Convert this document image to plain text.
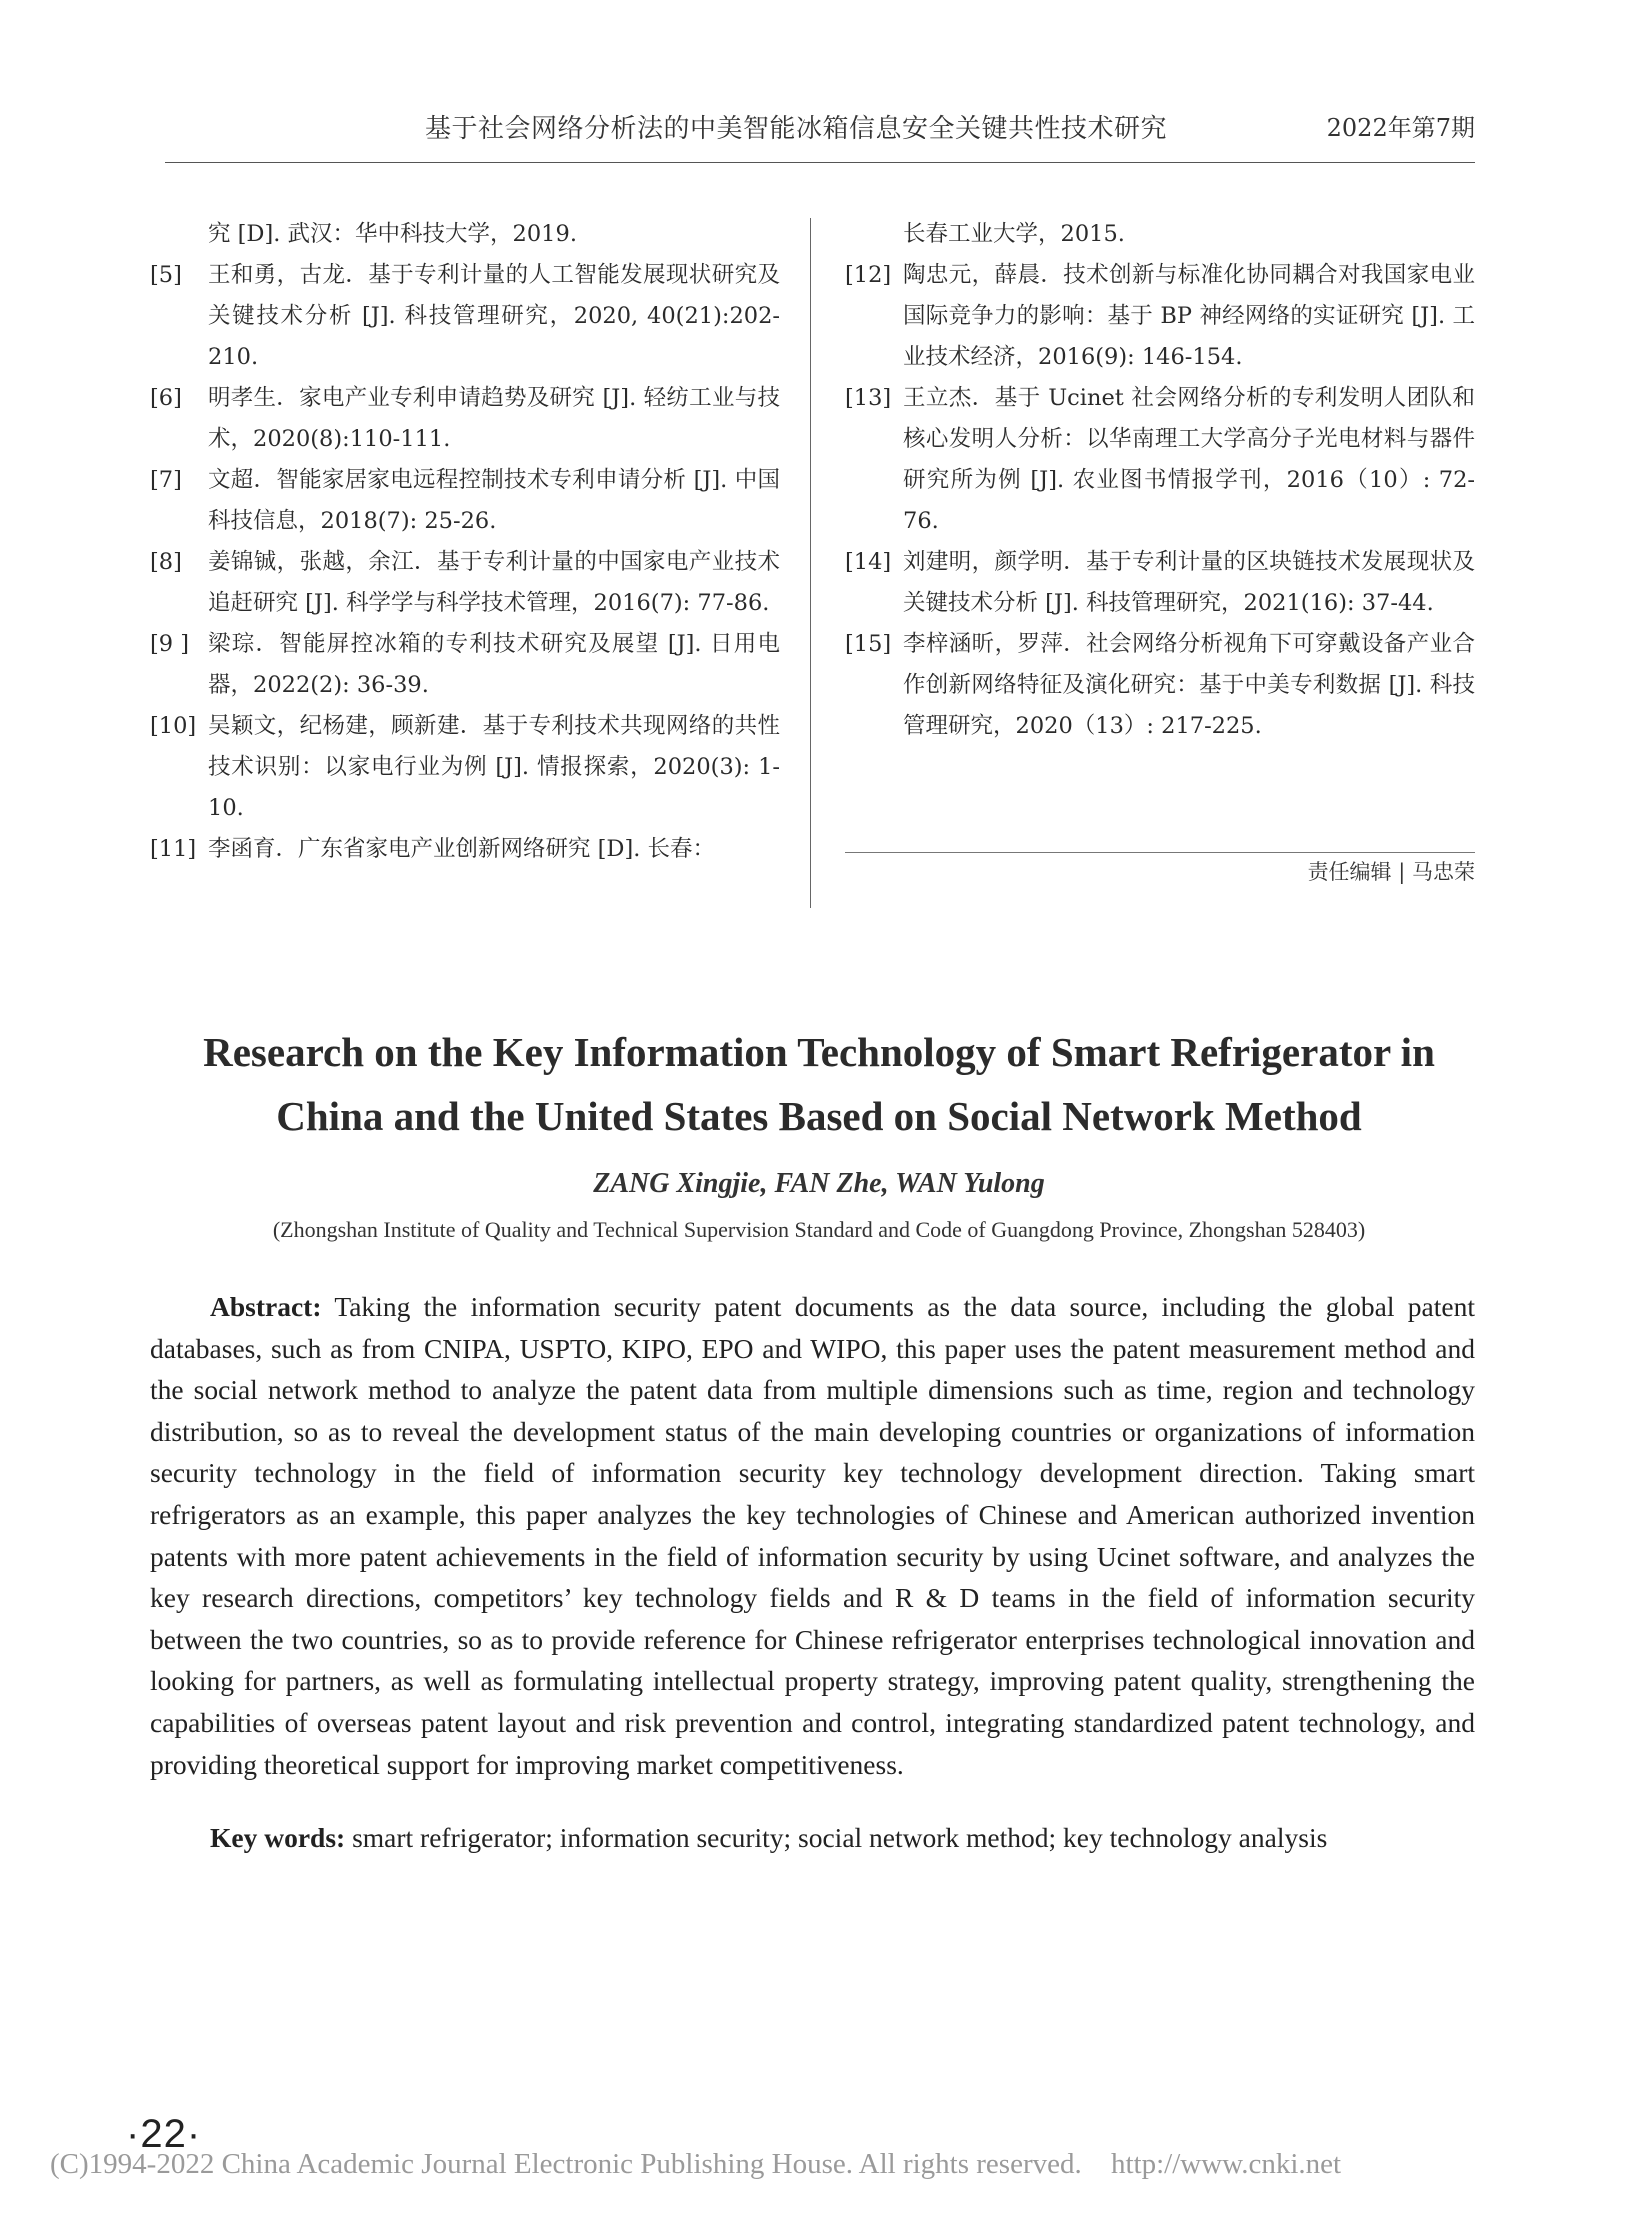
基于社会网络分析法的中美智能冰箱信息安全关键共性技术研究	2022年第7期
究 [D]. 武汉：华中科技大学，2019.
[5]	王和勇，古龙．基于专利计量的人工智能发展现状研究及关键技术分析 [J]. 科技管理研究，2020, 40(21):202-210.
[6]	明孝生．家电产业专利申请趋势及研究 [J]. 轻纺工业与技术，2020(8):110-111.
[7]	文超．智能家居家电远程控制技术专利申请分析 [J]. 中国科技信息，2018(7): 25-26.
[8]	姜锦铖，张越，余江．基于专利计量的中国家电产业技术追赶研究 [J]. 科学学与科学技术管理，2016(7): 77-86.
[9 ] 梁琮．智能屏控冰箱的专利技术研究及展望 [J]. 日用电器，2022(2): 36-39.
[10] 吴颖文，纪杨建，顾新建．基于专利技术共现网络的共性技术识别：以家电行业为例 [J]. 情报探索，2020(3): 1-10.
[11] 李函育．广东省家电产业创新网络研究 [D]. 长春：
长春工业大学，2015.
[12] 陶忠元，薛晨．技术创新与标准化协同耦合对我国家电业国际竞争力的影响：基于 BP 神经网络的实证研究 [J]. 工业技术经济，2016(9): 146-154.
[13] 王立杰．基于 Ucinet 社会网络分析的专利发明人团队和核心发明人分析：以华南理工大学高分子光电材料与器件研究所为例 [J]. 农业图书情报学刊，2016（10）: 72-76.
[14] 刘建明，颜学明．基于专利计量的区块链技术发展现状及关键技术分析 [J]. 科技管理研究，2021(16): 37-44.
[15] 李梓涵昕，罗萍．社会网络分析视角下可穿戴设备产业合作创新网络特征及演化研究：基于中美专利数据 [J]. 科技管理研究，2020（13）: 217-225.
责任编辑 | 马忠荣
Research on the Key Information Technology of Smart Refrigerator in
China and the United States Based on Social Network Method
ZANG Xingjie, FAN Zhe, WAN Yulong
(Zhongshan Institute of Quality and Technical Supervision Standard and Code of Guangdong Province, Zhongshan 528403)

Abstract: Taking the information security patent documents as the data source, including the global patent databases, such as from CNIPA, USPTO, KIPO, EPO and WIPO, this paper uses the patent measurement method and the social network method to analyze the patent data from multiple dimensions such as time, region and technology distribution, so as to reveal the development status of the main developing countries or organizations of information security technology in the field of information security key technology development direction. Taking smart refrigerators as an example, this paper analyzes the key technologies of Chinese and American authorized invention patents with more patent achievements in the field of information security by using Ucinet software, and analyzes the key research directions, competitors’ key technology fields and R & D teams in the field of information security between the two countries, so as to provide reference for Chinese refrigerator enterprises technological innovation and looking for partners, as well as formulating intellectual property strategy, improving patent quality, strengthening the capabilities of overseas patent layout and risk prevention and control, integrating standardized patent technology, and providing theoretical support for improving market competitiveness.

Key words: smart refrigerator; information security; social network method; key technology analysis
·22·
(C)1994-2022 China Academic Journal Electronic Publishing House. All rights reserved. http://www.cnki.net
